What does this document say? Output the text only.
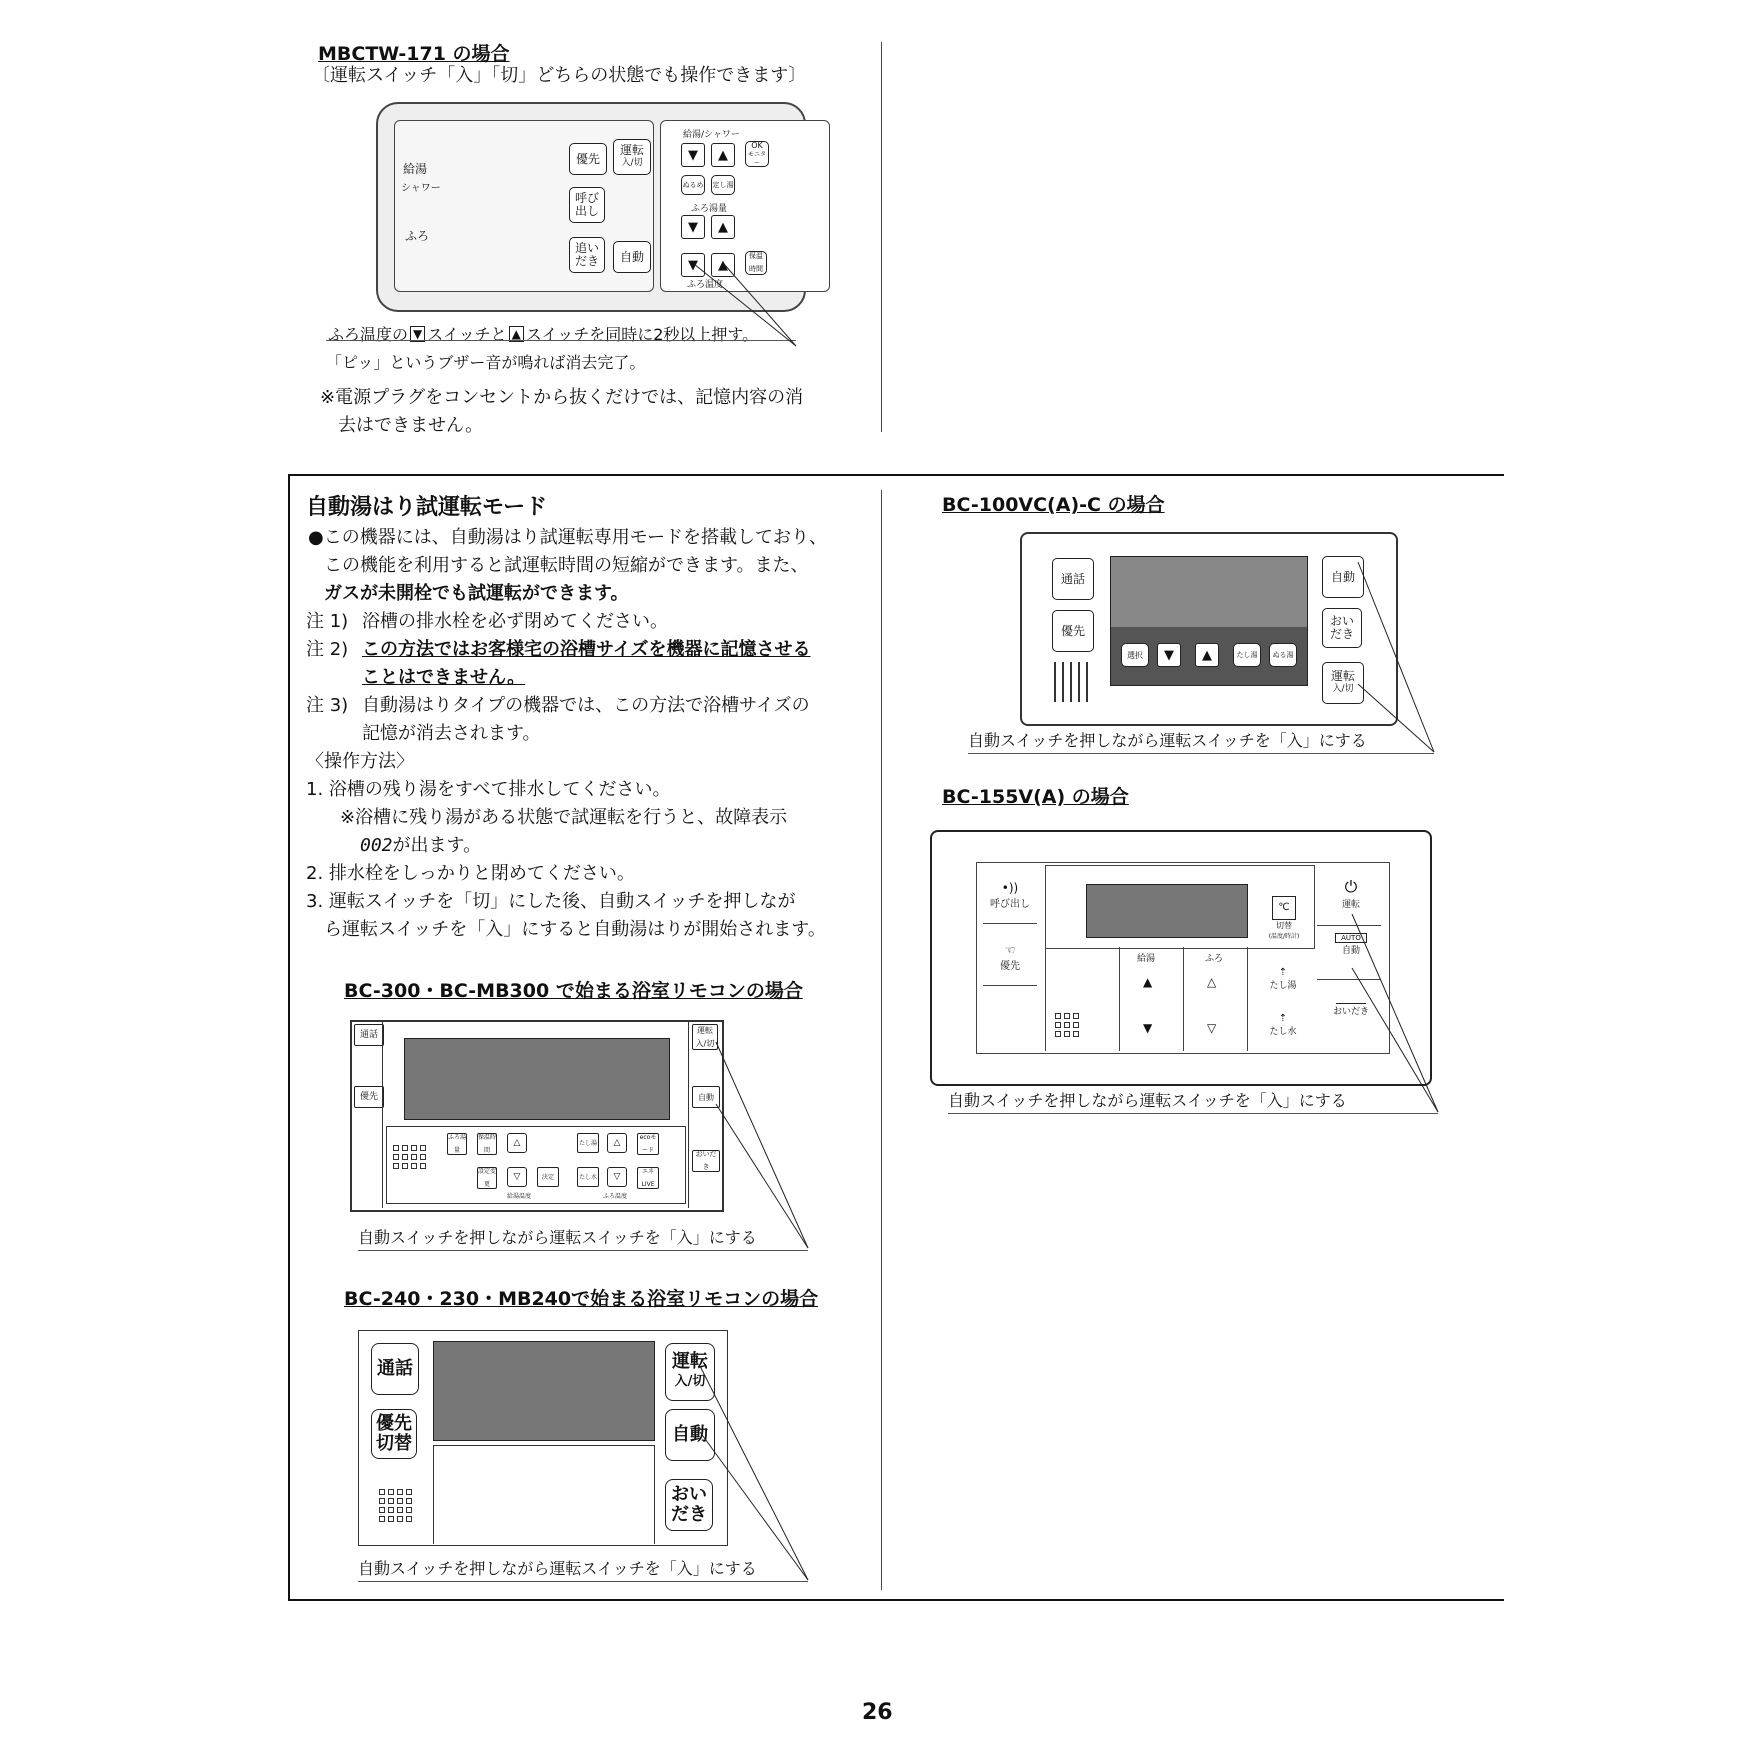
MBCTW-171 の場合
〔運転スイッチ「入」「切」どちらの状態でも操作できます〕
給湯
シャワー
ふろ
優先
運転
入/切
呼び出し
追いだき	自動
給湯/シャワー
▼	▲
OK
モニター
ぬるめ 定し湯
ふろ湯量
▼	▲
▼	▲
保温時間
ふろ温度
ふろ温度の ▼ スイッチと ▲ スイッチを同時に2秒以上押す。
「ピッ」というブザー音が鳴れば消去完了。
※電源プラグをコンセントから抜くだけでは、記憶内容の消
去はできません。
自動湯はり試運転モード
●この機器には、自動湯はり試運転専用モードを搭載しており、
この機能を利用すると試運転時間の短縮ができます。また、
ガスが未開栓でも試運転ができます。
注 1) 浴槽の排水栓を必ず閉めてください。
注 2) この方法ではお客様宅の浴槽サイズを機器に記憶させる
ことはできません。
注 3) 自動湯はりタイプの機器では、この方法で浴槽サイズの
記憶が消去されます。
〈操作方法〉
1. 浴槽の残り湯をすべて排水してください。
※浴槽に残り湯がある状態で試運転を行うと、故障表示
002が出ます。
2. 排水栓をしっかりと閉めてください。
3. 運転スイッチを「切」にした後、自動スイッチを押しなが
ら運転スイッチを「入」にすると自動湯はりが開始されます。
BC-300・BC-MB300 で始まる浴室リモコンの場合
通話
優先
運転入/切
自動
おいだき
ふろ湯量
保温時間
△	たし湯	△
ecoモード
設定変更
▽	決定	たし水	▽
エネLIVE
給湯温度	ふろ温度
自動スイッチを押しながら運転スイッチを「入」にする
BC-240・230・MB240で始まる浴室リモコンの場合
通話
優先切替
運転
入/切
自動
おいだき
自動スイッチを押しながら運転スイッチを「入」にする
BC-100VC(A)-C の場合
通話
優先
選択	▼	▲	たし湯	ぬる湯
自動
おいだき
運転
入/切
自動スイッチを押しながら運転スイッチを「入」にする
BC-155V(A) の場合
•))
呼び出し
☜
優先
℃
切替
(温度/時計)
給湯	ふろ
▲
▼
△
▽
⇡
たし湯
⇡
たし水
⏻
運転
AUTO
自動
おいだき
自動スイッチを押しながら運転スイッチを「入」にする
26
